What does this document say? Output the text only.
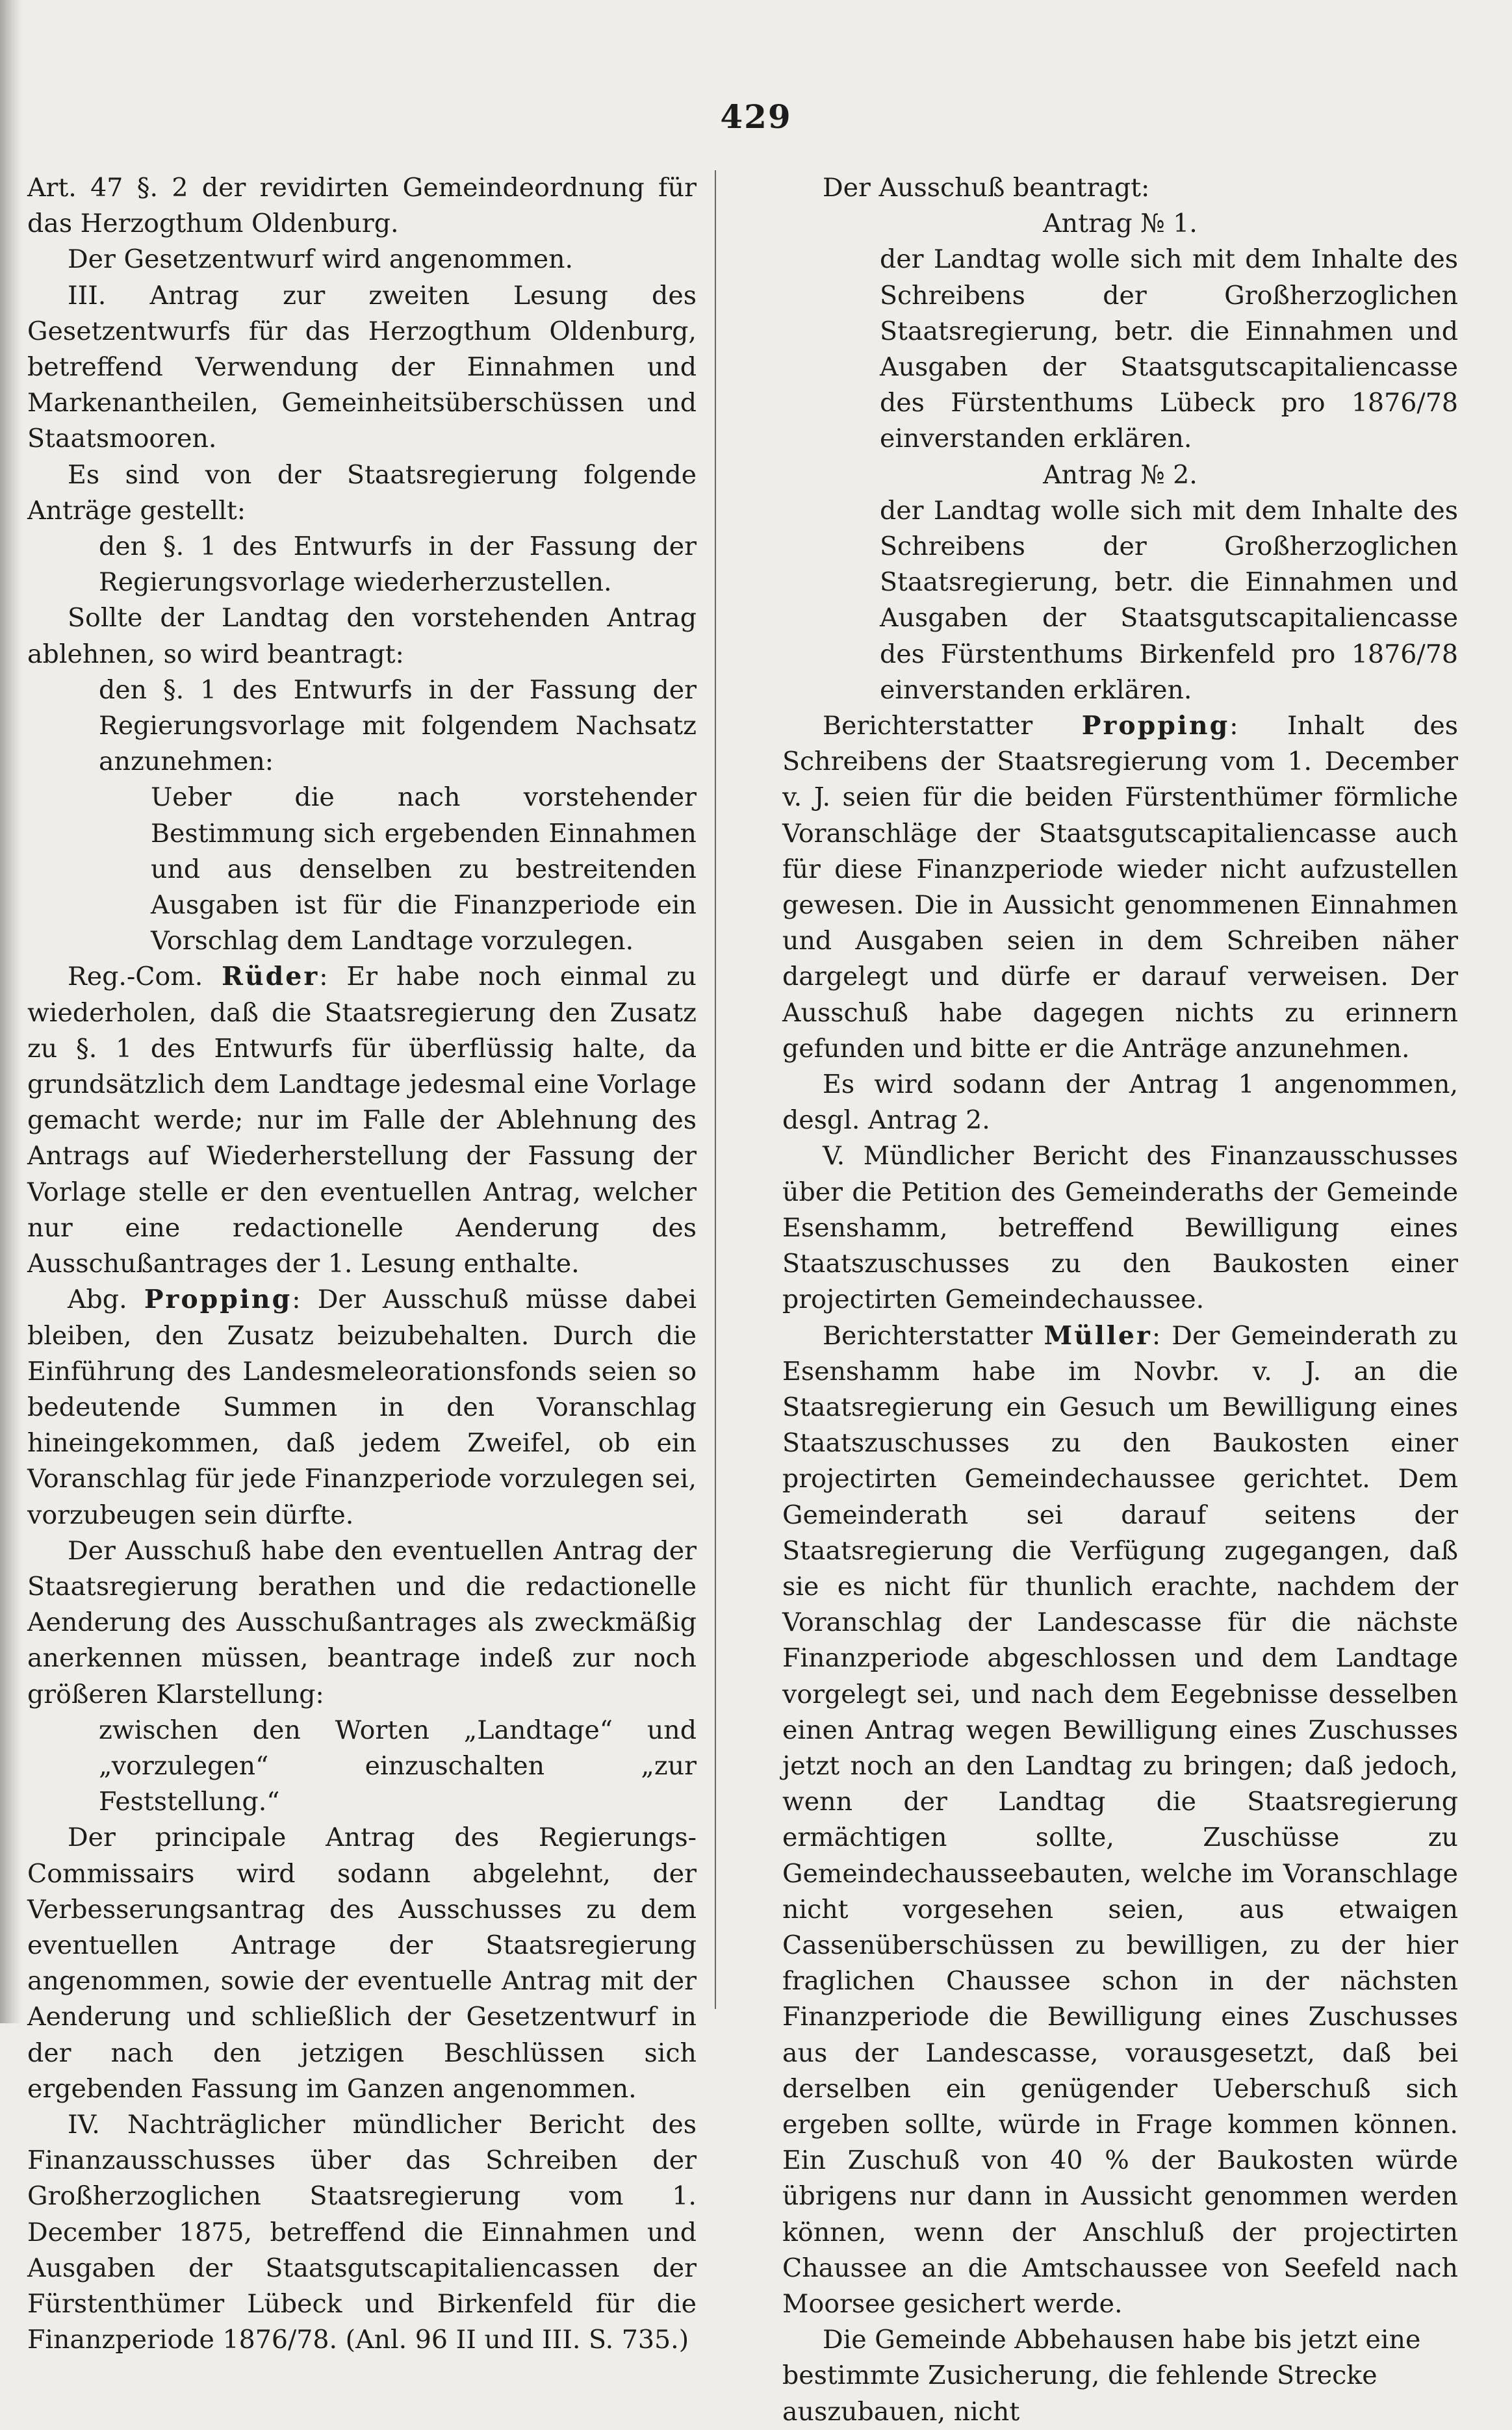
429

Art. 47 §. 2 der revidirten Gemeindeordnung für das Herzogthum Oldenburg.

Der Gesetzentwurf wird angenommen.

III. Antrag zur zweiten Lesung des Gesetzentwurfs für das Herzogthum Oldenburg, betreffend Verwendung der Einnahmen und Markenantheilen, Gemeinheitsüberschüssen und Staatsmooren.

Es sind von der Staatsregierung folgende Anträge gestellt:

den §. 1 des Entwurfs in der Fassung der Regierungsvorlage wiederherzustellen.

Sollte der Landtag den vorstehenden Antrag ablehnen, so wird beantragt:

den §. 1 des Entwurfs in der Fassung der Regierungsvorlage mit folgendem Nachsatz anzunehmen:

Ueber die nach vorstehender Bestimmung sich ergebenden Einnahmen und aus denselben zu bestreitenden Ausgaben ist für die Finanzperiode ein Vorschlag dem Landtage vorzulegen.

Reg.-Com. Rüder: Er habe noch einmal zu wiederholen, daß die Staatsregierung den Zusatz zu §. 1 des Entwurfs für überflüssig halte, da grundsätzlich dem Landtage jedesmal eine Vorlage gemacht werde; nur im Falle der Ablehnung des Antrags auf Wiederherstellung der Fassung der Vorlage stelle er den eventuellen Antrag, welcher nur eine redactionelle Aenderung des Ausschußantrages der 1. Lesung enthalte.

Abg. Propping: Der Ausschuß müsse dabei bleiben, den Zusatz beizubehalten. Durch die Einführung des Landesmeleorationsfonds seien so bedeutende Summen in den Voranschlag hineingekommen, daß jedem Zweifel, ob ein Voranschlag für jede Finanzperiode vorzulegen sei, vorzubeugen sein dürfte.

Der Ausschuß habe den eventuellen Antrag der Staatsregierung berathen und die redactionelle Aenderung des Ausschußantrages als zweckmäßig anerkennen müssen, beantrage indeß zur noch größeren Klarstellung:

zwischen den Worten „Landtage“ und „vorzulegen“ einzuschalten „zur Feststellung.“

Der principale Antrag des Regierungs-Commissairs wird sodann abgelehnt, der Verbesserungsantrag des Ausschusses zu dem eventuellen Antrage der Staatsregierung angenommen, sowie der eventuelle Antrag mit der Aenderung und schließlich der Gesetzentwurf in der nach den jetzigen Beschlüssen sich ergebenden Fassung im Ganzen angenommen.

IV. Nachträglicher mündlicher Bericht des Finanzausschusses über das Schreiben der Großherzoglichen Staatsregierung vom 1. December 1875, betreffend die Einnahmen und Ausgaben der Staatsgutscapitaliencassen der Fürstenthümer Lübeck und Birkenfeld für die Finanzperiode 1876/78. (Anl. 96 II und III. S. 735.)

Der Ausschuß beantragt:

Antrag № 1.

der Landtag wolle sich mit dem Inhalte des Schreibens der Großherzoglichen Staatsregierung, betr. die Einnahmen und Ausgaben der Staatsgutscapitaliencasse des Fürstenthums Lübeck pro 1876/78 einverstanden erklären.

Antrag № 2.

der Landtag wolle sich mit dem Inhalte des Schreibens der Großherzoglichen Staatsregierung, betr. die Einnahmen und Ausgaben der Staatsgutscapitaliencasse des Fürstenthums Birkenfeld pro 1876/78 einverstanden erklären.

Berichterstatter Propping: Inhalt des Schreibens der Staatsregierung vom 1. December v. J. seien für die beiden Fürstenthümer förmliche Voranschläge der Staatsgutscapitaliencasse auch für diese Finanzperiode wieder nicht aufzustellen gewesen. Die in Aussicht genommenen Einnahmen und Ausgaben seien in dem Schreiben näher dargelegt und dürfe er darauf verweisen. Der Ausschuß habe dagegen nichts zu erinnern gefunden und bitte er die Anträge anzunehmen.

Es wird sodann der Antrag 1 angenommen, desgl. Antrag 2.

V. Mündlicher Bericht des Finanzausschusses über die Petition des Gemeinderaths der Gemeinde Esenshamm, betreffend Bewilligung eines Staatszuschusses zu den Baukosten einer projectirten Gemeindechaussee.

Berichterstatter Müller: Der Gemeinderath zu Esenshamm habe im Novbr. v. J. an die Staatsregierung ein Gesuch um Bewilligung eines Staatszuschusses zu den Baukosten einer projectirten Gemeindechaussee gerichtet. Dem Gemeinderath sei darauf seitens der Staatsregierung die Verfügung zugegangen, daß sie es nicht für thunlich erachte, nachdem der Voranschlag der Landescasse für die nächste Finanzperiode abgeschlossen und dem Landtage vorgelegt sei, und nach dem Eegebnisse desselben einen Antrag wegen Bewilligung eines Zuschusses jetzt noch an den Landtag zu bringen; daß jedoch, wenn der Landtag die Staatsregierung ermächtigen sollte, Zuschüsse zu Gemeindechausseebauten, welche im Voranschlage nicht vorgesehen seien, aus etwaigen Cassenüberschüssen zu bewilligen, zu der hier fraglichen Chaussee schon in der nächsten Finanzperiode die Bewilligung eines Zuschusses aus der Landescasse, vorausgesetzt, daß bei derselben ein genügender Ueberschuß sich ergeben sollte, würde in Frage kommen können. Ein Zuschuß von 40 % der Baukosten würde übrigens nur dann in Aussicht genommen werden können, wenn der Anschluß der projectirten Chaussee an die Amtschaussee von Seefeld nach Moorsee gesichert werde.

Die Gemeinde Abbehausen habe bis jetzt eine bestimmte Zusicherung, die fehlende Strecke auszubauen, nicht
